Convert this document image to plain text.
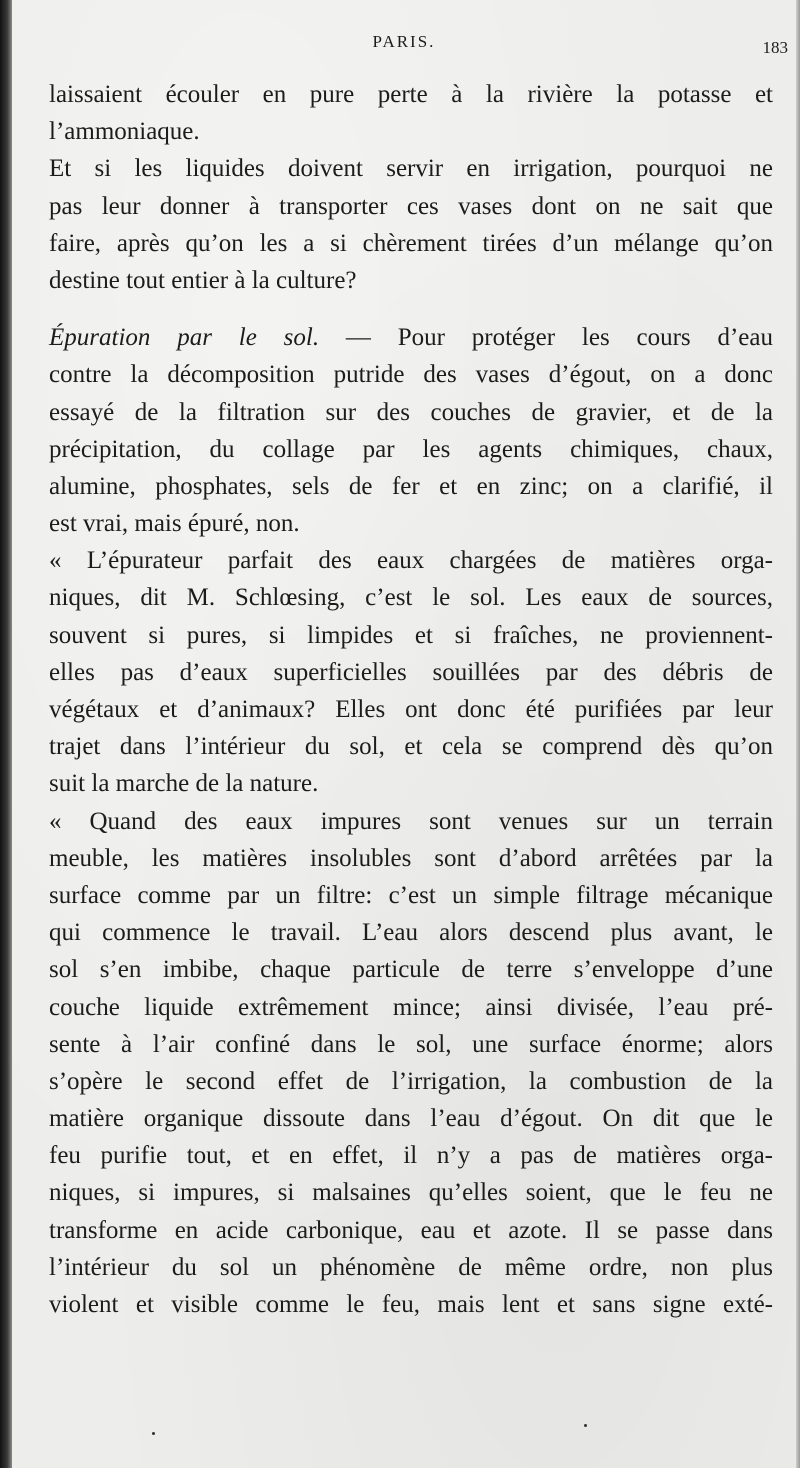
PARIS.	183
laissaient écouler en pure perte à la rivière la potasse et
l’ammoniaque.
Et si les liquides doivent servir en irrigation, pourquoi ne
pas leur donner à transporter ces vases dont on ne sait que
faire, après qu’on les a si chèrement tirées d’un mélange qu’on
destine tout entier à la culture?
Épuration par le sol. — Pour protéger les cours d’eau
contre la décomposition putride des vases d’égout, on a donc
essayé de la filtration sur des couches de gravier, et de la
précipitation, du collage par les agents chimiques, chaux,
alumine, phosphates, sels de fer et en zinc; on a clarifié, il
est vrai, mais épuré, non.
« L’épurateur parfait des eaux chargées de matières orga-
niques, dit M. Schlœsing, c’est le sol. Les eaux de sources,
souvent si pures, si limpides et si fraîches, ne proviennent-
elles pas d’eaux superficielles souillées par des débris de
végétaux et d’animaux? Elles ont donc été purifiées par leur
trajet dans l’intérieur du sol, et cela se comprend dès qu’on
suit la marche de la nature.
« Quand des eaux impures sont venues sur un terrain
meuble, les matières insolubles sont d’abord arrêtées par la
surface comme par un filtre: c’est un simple filtrage mécanique
qui commence le travail. L’eau alors descend plus avant, le
sol s’en imbibe, chaque particule de terre s’enveloppe d’une
couche liquide extrêmement mince; ainsi divisée, l’eau pré-
sente à l’air confiné dans le sol, une surface énorme; alors
s’opère le second effet de l’irrigation, la combustion de la
matière organique dissoute dans l’eau d’égout. On dit que le
feu purifie tout, et en effet, il n’y a pas de matières orga-
niques, si impures, si malsaines qu’elles soient, que le feu ne
transforme en acide carbonique, eau et azote. Il se passe dans
l’intérieur du sol un phénomène de même ordre, non plus
violent et visible comme le feu, mais lent et sans signe exté-
